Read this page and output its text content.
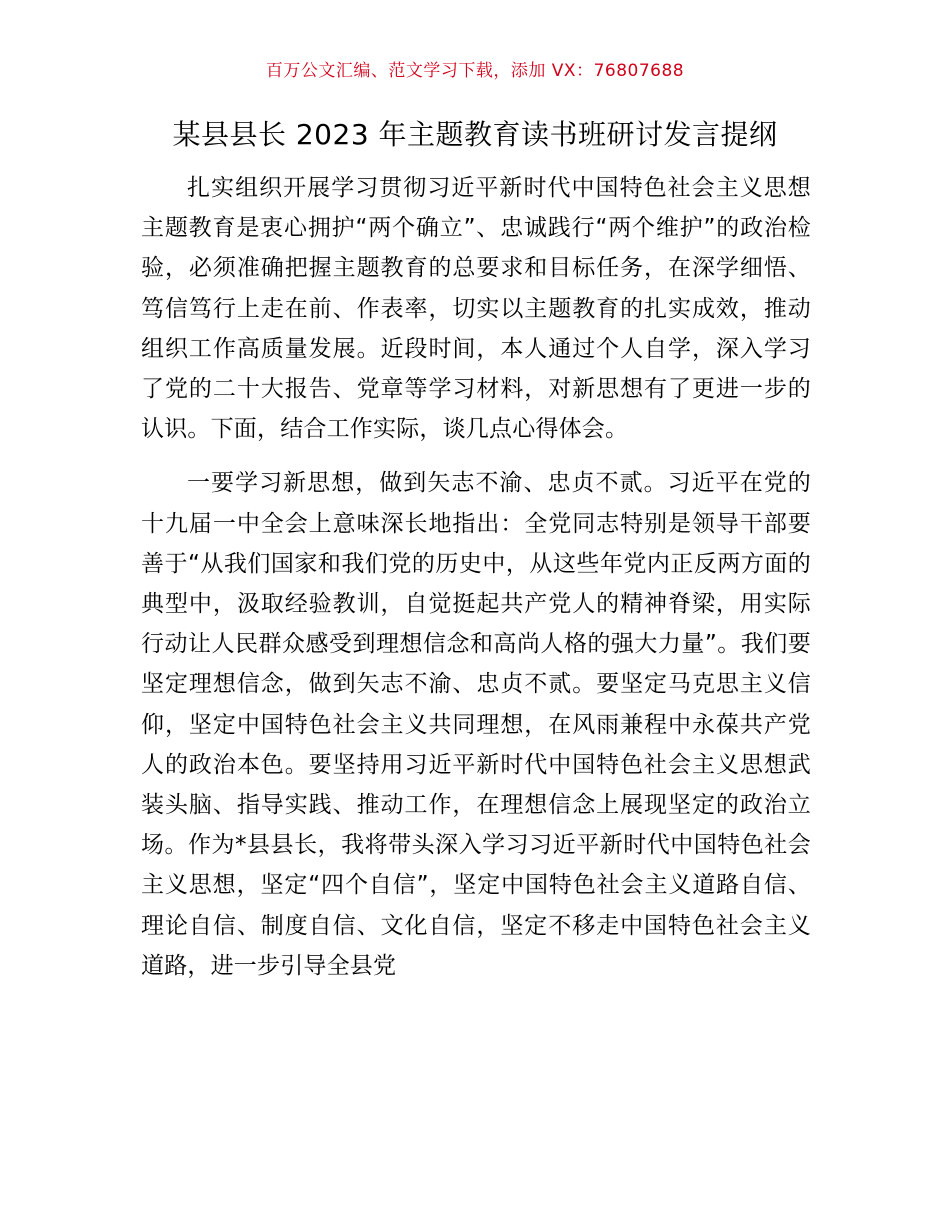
百万公文汇编、范文学习下载，添加 VX：76807688
某县县长 2023 年主题教育读书班研讨发言提纲

扎实组织开展学习贯彻习近平新时代中国特色社会主义思想主题教育是衷心拥护“两个确立”、忠诚践行“两个维护”的政治检验，必须准确把握主题教育的总要求和目标任务，在深学细悟、笃信笃行上走在前、作表率，切实以主题教育的扎实成效，推动组织工作高质量发展。近段时间，本人通过个人自学，深入学习了党的二十大报告、党章等学习材料，对新思想有了更进一步的认识。下面，结合工作实际，谈几点心得体会。

一要学习新思想，做到矢志不渝、忠贞不贰。习近平在党的十九届一中全会上意味深长地指出：全党同志特别是领导干部要善于“从我们国家和我们党的历史中，从这些年党内正反两方面的典型中，汲取经验教训，自觉挺起共产党人的精神脊梁，用实际行动让人民群众感受到理想信念和高尚人格的强大力量”。我们要坚定理想信念，做到矢志不渝、忠贞不贰。要坚定马克思主义信仰，坚定中国特色社会主义共同理想，在风雨兼程中永葆共产党人的政治本色。要坚持用习近平新时代中国特色社会主义思想武装头脑、指导实践、推动工作，在理想信念上展现坚定的政治立场。作为*县县长，我将带头深入学习习近平新时代中国特色社会主义思想，坚定“四个自信”，坚定中国特色社会主义道路自信、理论自信、制度自信、文化自信，坚定不移走中国特色社会主义道路，进一步引导全县党
